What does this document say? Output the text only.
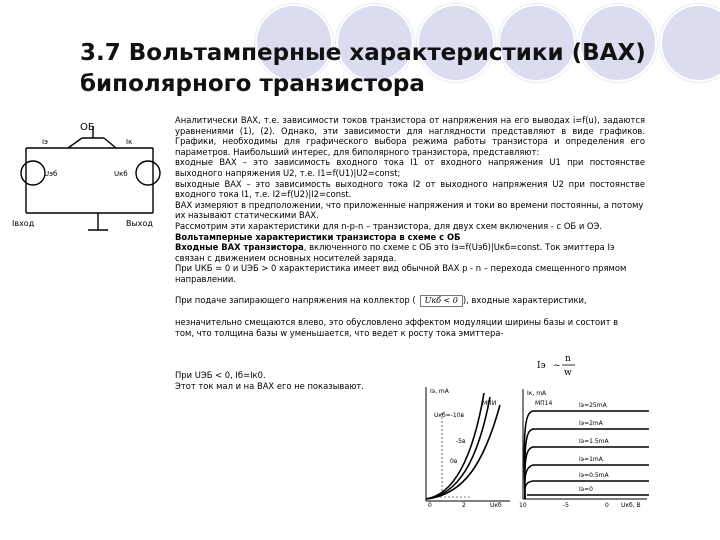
3.7 Вольтамперные характеристики (ВАХ)
биполярного транзистора
ОБ
Iэ	Iк
Uэб	Uкб
Iвход	Выход

Аналитически ВАХ, т.е. зависимости токов транзистора от напряжения на его выводах i=f(u), задаются уравнениями (1), (2). Однако, эти зависимости для наглядности представляют в виде графиков. Графики, необходимы для графического выбора режима работы транзистора и определения его параметров. Наибольший интерес, для биполярного транзистора, представляют:

входные ВАХ – это зависимость входного тока I1 от входного напряжения U1 при постоянстве выходного напряжения U2, т.е. I1=f(U1)|U2=const;

выходные ВАХ – это зависимость выходного тока I2 от выходного напряжения U2 при постоянстве входного тока I1, т.е. I2=f(U2)|I2=const.

ВАХ измеряют в предположении, что приложенные напряжения и токи во времени постоянны, а потому их называют статическими ВАХ.

Рассмотрим эти характеристики для n-p-n – транзистора, для двух схем включения - с ОБ и ОЭ.

Вольтамперные характеристики транзистора в схеме с ОБ

Входные ВАХ транзистора, включенного по схеме с ОБ это Iэ=f(Uэб)|Uкб=const. Ток эмиттера Iэ связан с движением основных носителей заряда.

При UКБ = 0 и UЭБ > 0 характеристика имеет вид обычной ВАХ р - n – перехода смещенного прямом направлении.

При подаче запирающего напряжения на коллектор ( Uкб < 0 ), входные характеристики,

незначительно смещаются влево, это обусловлено эффектом модуляции ширины базы и состоит в

том, что толщина базы w уменьшается, что ведет к росту тока эмиттера-

При UЭБ < 0, Iб=Iк0.

Этот ток мал и на ВАХ его не показывают.

Iэ ~
n
w
Iэ, mA
МПИ
Uкб=-10в
-5в
0в
0	2	Uкб
Iк, mA
МП14	Iэ=25mA
Iэ=2mA
Iэ=1.5mA
Iэ=1mA
Iэ=0.5mA
Iэ=0
10	-5	0 Uкб, В
